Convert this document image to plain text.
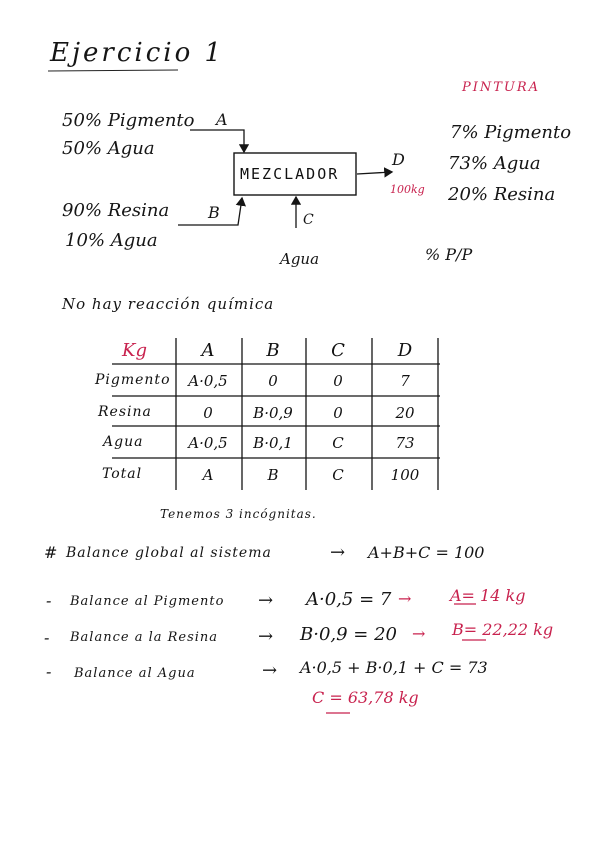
Ejercicio 1
50% Pigmento
50% Agua
A
90% Resina
10% Agua
B
MEZCLADOR
C
Agua
D
100kg
PINTURA
7% Pigmento
73% Agua
20% Resina
% P/P
No hay reacción química
Kg	A	B	C	D
Pigmento	A·0,5	0	0	7
Resina	0	B·0,9	0	20
Agua	A·0,5	B·0,1	C	73
Total	A	B	C	100
Tenemos 3 incógnitas.
# Balance global al sistema	→ A+B+C = 100
- Balance al Pigmento → A·0,5 = 7 → A= 14 kg
- Balance a la Resina → B·0,9 = 20 → B= 22,22 kg
- Balance al Agua	→ A·0,5 + B·0,1 + C = 73
C = 63,78 kg
